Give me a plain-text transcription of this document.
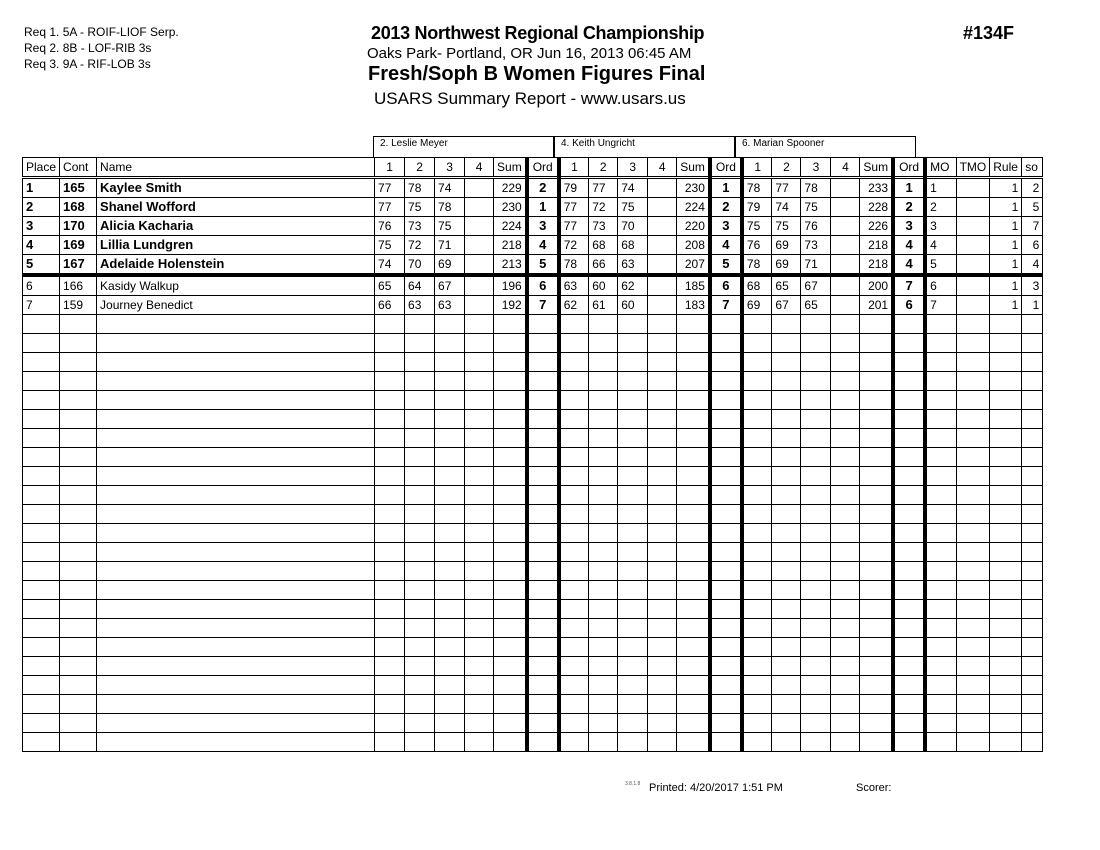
Req 1. 5A - ROIF-LIOF Serp.
Req 2. 8B - LOF-RIB 3s
Req 3. 9A - RIF-LOB 3s
2013 Northwest Regional Championship
Oaks Park- Portland, OR Jun 16, 2013 06:45 AM
Fresh/Soph B Women Figures Final
USARS Summary Report - www.usars.us
#134F
2. Leslie Meyer	4. Keith Ungricht	6. Marian Spooner
Place	Cont	Name	1	2	3	4	Sum	Ord	1	2	3	4	Sum	Ord	1	2	3	4	Sum	Ord	MO	TMO	Rule	so
1	165	Kaylee Smith	77	78	74		229	2	79	77	74		230	1	78	77	78		233	1	1		1	2
2	168	Shanel Wofford	77	75	78		230	1	77	72	75		224	2	79	74	75		228	2	2		1	5
3	170	Alicia Kacharia	76	73	75		224	3	77	73	70		220	3	75	75	76		226	3	3		1	7
4	169	Lillia Lundgren	75	72	71		218	4	72	68	68		208	4	76	69	73		218	4	4		1	6
5	167	Adelaide Holenstein	74	70	69		213	5	78	66	63		207	5	78	69	71		218	4	5		1	4
6	166	Kasidy Walkup	65	64	67		196	6	63	60	62		185	6	68	65	67		200	7	6		1	3
7	159	Journey Benedict	66	63	63		192	7	62	61	60		183	7	69	67	65		201	6	7		1	1

3.8.1.8 Printed: 4/20/2017 1:51 PM	Scorer:
